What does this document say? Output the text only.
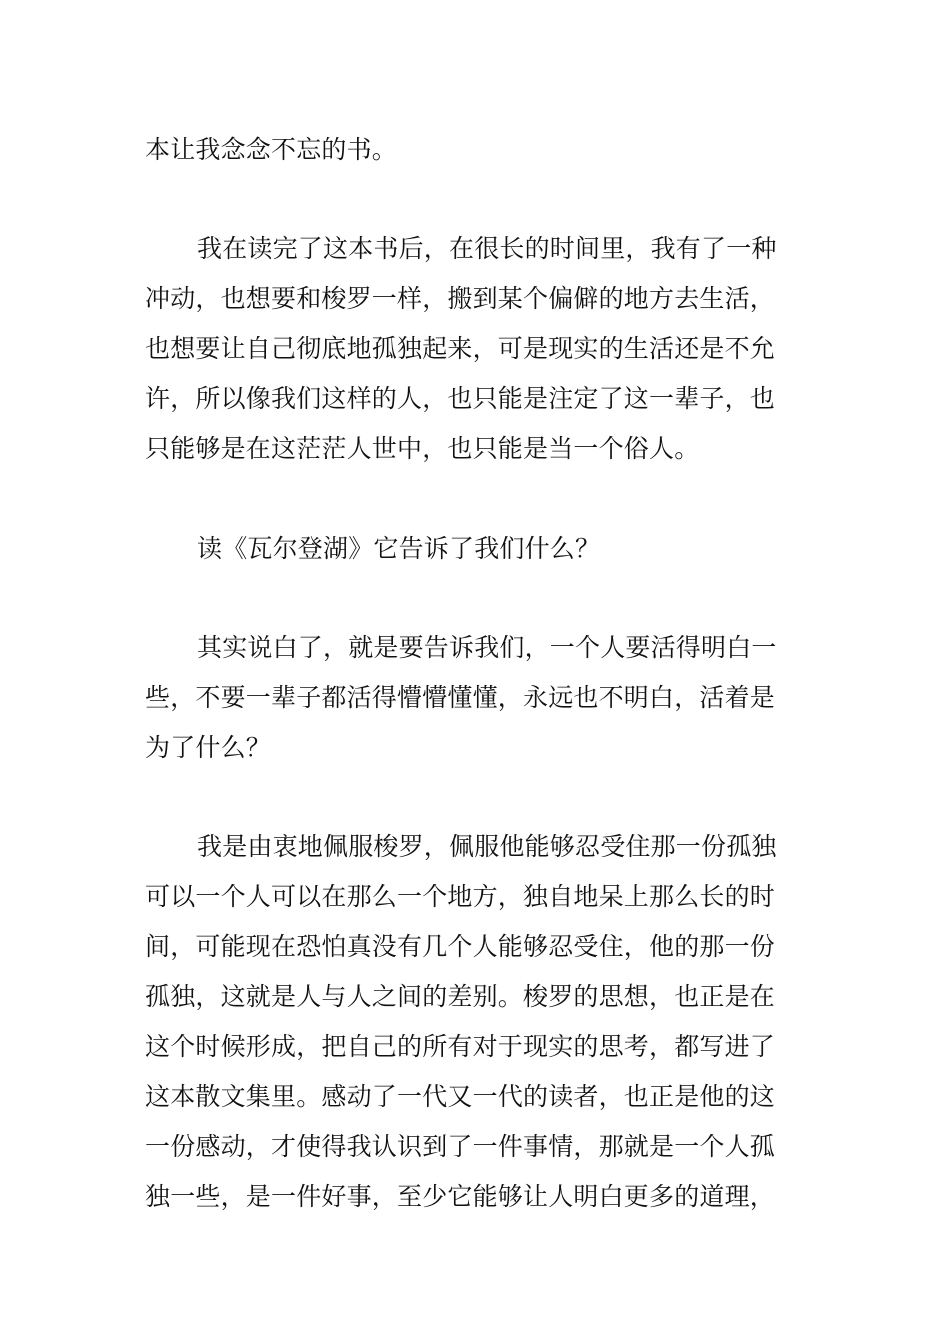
本让我念念不忘的书。
我在读完了这本书后，在很长的时间里，我有了一种
冲动，也想要和梭罗一样，搬到某个偏僻的地方去生活，
也想要让自己彻底地孤独起来，可是现实的生活还是不允
许，所以像我们这样的人，也只能是注定了这一辈子，也
只能够是在这茫茫人世中，也只能是当一个俗人。
读《瓦尔登湖》它告诉了我们什么？
其实说白了，就是要告诉我们，一个人要活得明白一
些，不要一辈子都活得懵懵懂懂，永远也不明白，活着是
为了什么？
我是由衷地佩服梭罗，佩服他能够忍受住那一份孤独
可以一个人可以在那么一个地方，独自地呆上那么长的时
间，可能现在恐怕真没有几个人能够忍受住，他的那一份
孤独，这就是人与人之间的差别。梭罗的思想，也正是在
这个时候形成，把自己的所有对于现实的思考，都写进了
这本散文集里。感动了一代又一代的读者，也正是他的这
一份感动，才使得我认识到了一件事情，那就是一个人孤
独一些，是一件好事，至少它能够让人明白更多的道理，
